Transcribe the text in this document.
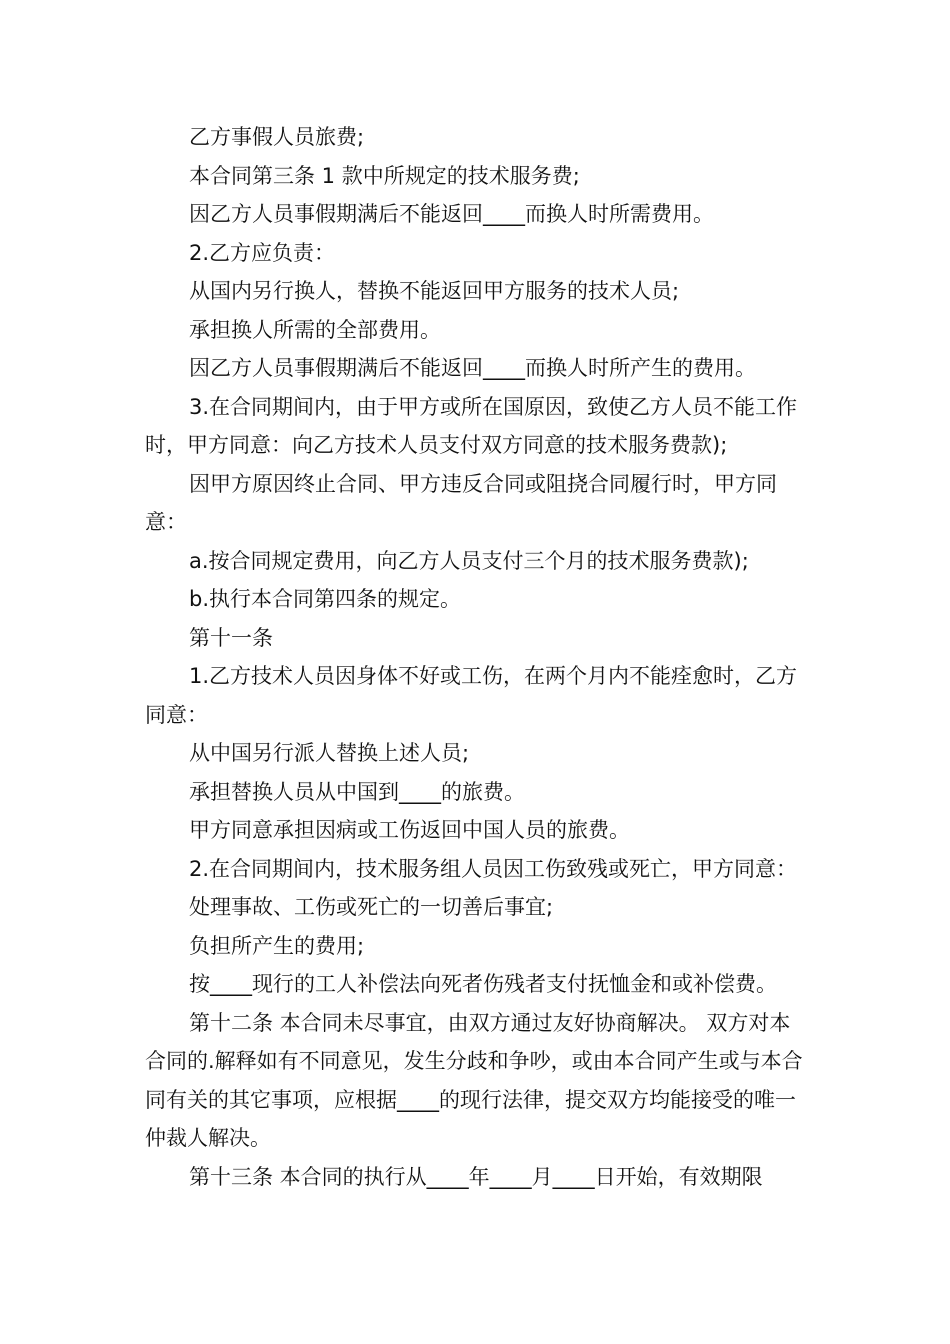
乙方事假人员旅费;

本合同第三条 1 款中所规定的技术服务费;

因乙方人员事假期满后不能返回____而换人时所需费用。

2.乙方应负责：

从国内另行换人，替换不能返回甲方服务的技术人员;

承担换人所需的全部费用。

因乙方人员事假期满后不能返回____而换人时所产生的费用。

3.在合同期间内，由于甲方或所在国原因，致使乙方人员不能工作时，甲方同意：向乙方技术人员支付双方同意的技术服务费款);

因甲方原因终止合同、甲方违反合同或阻挠合同履行时，甲方同意：

a.按合同规定费用，向乙方人员支付三个月的技术服务费款);

b.执行本合同第四条的规定。

第十一条

1.乙方技术人员因身体不好或工伤，在两个月内不能痊愈时，乙方同意：

从中国另行派人替换上述人员;

承担替换人员从中国到____的旅费。

甲方同意承担因病或工伤返回中国人员的旅费。

2.在合同期间内，技术服务组人员因工伤致残或死亡，甲方同意：

处理事故、工伤或死亡的一切善后事宜;

负担所产生的费用;

按____现行的工人补偿法向死者伤残者支付抚恤金和或补偿费。

第十二条 本合同未尽事宜，由双方通过友好协商解决。 双方对本合同的.解释如有不同意见，发生分歧和争吵，或由本合同产生或与本合同有关的其它事项，应根据____的现行法律，提交双方均能接受的唯一仲裁人解决。

第十三条 本合同的执行从____年____月____日开始，有效期限
